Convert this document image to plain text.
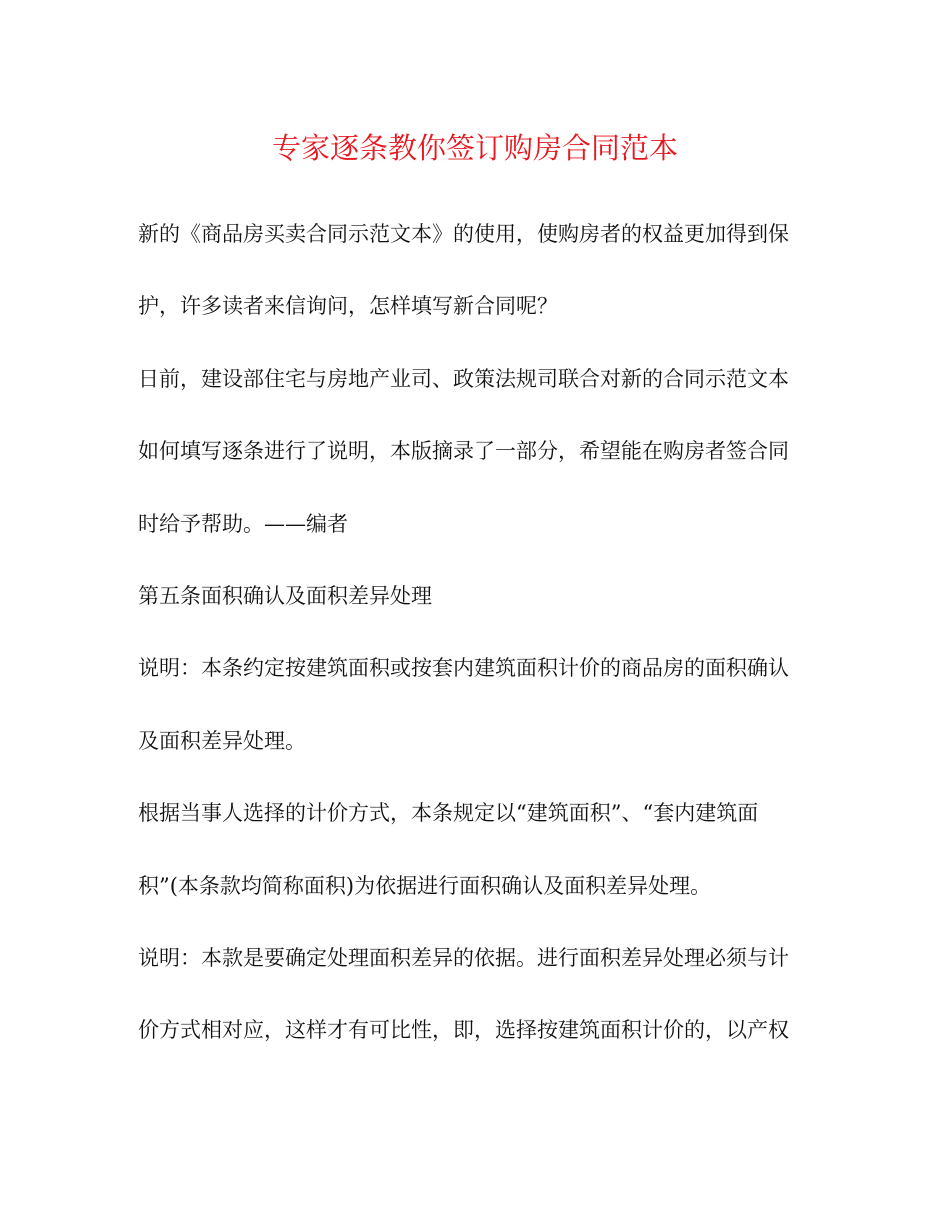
专家逐条教你签订购房合同范本
新的《商品房买卖合同示范文本》的使用，使购房者的权益更加得到保
护，许多读者来信询问，怎样填写新合同呢？
日前，建设部住宅与房地产业司、政策法规司联合对新的合同示范文本
如何填写逐条进行了说明，本版摘录了一部分，希望能在购房者签合同
时给予帮助。——编者
第五条面积确认及面积差异处理
说明：本条约定按建筑面积或按套内建筑面积计价的商品房的面积确认
及面积差异处理。
根据当事人选择的计价方式，本条规定以“建筑面积”、“套内建筑面
积”(本条款均简称面积)为依据进行面积确认及面积差异处理。
说明：本款是要确定处理面积差异的依据。进行面积差异处理必须与计
价方式相对应，这样才有可比性，即，选择按建筑面积计价的，以产权
